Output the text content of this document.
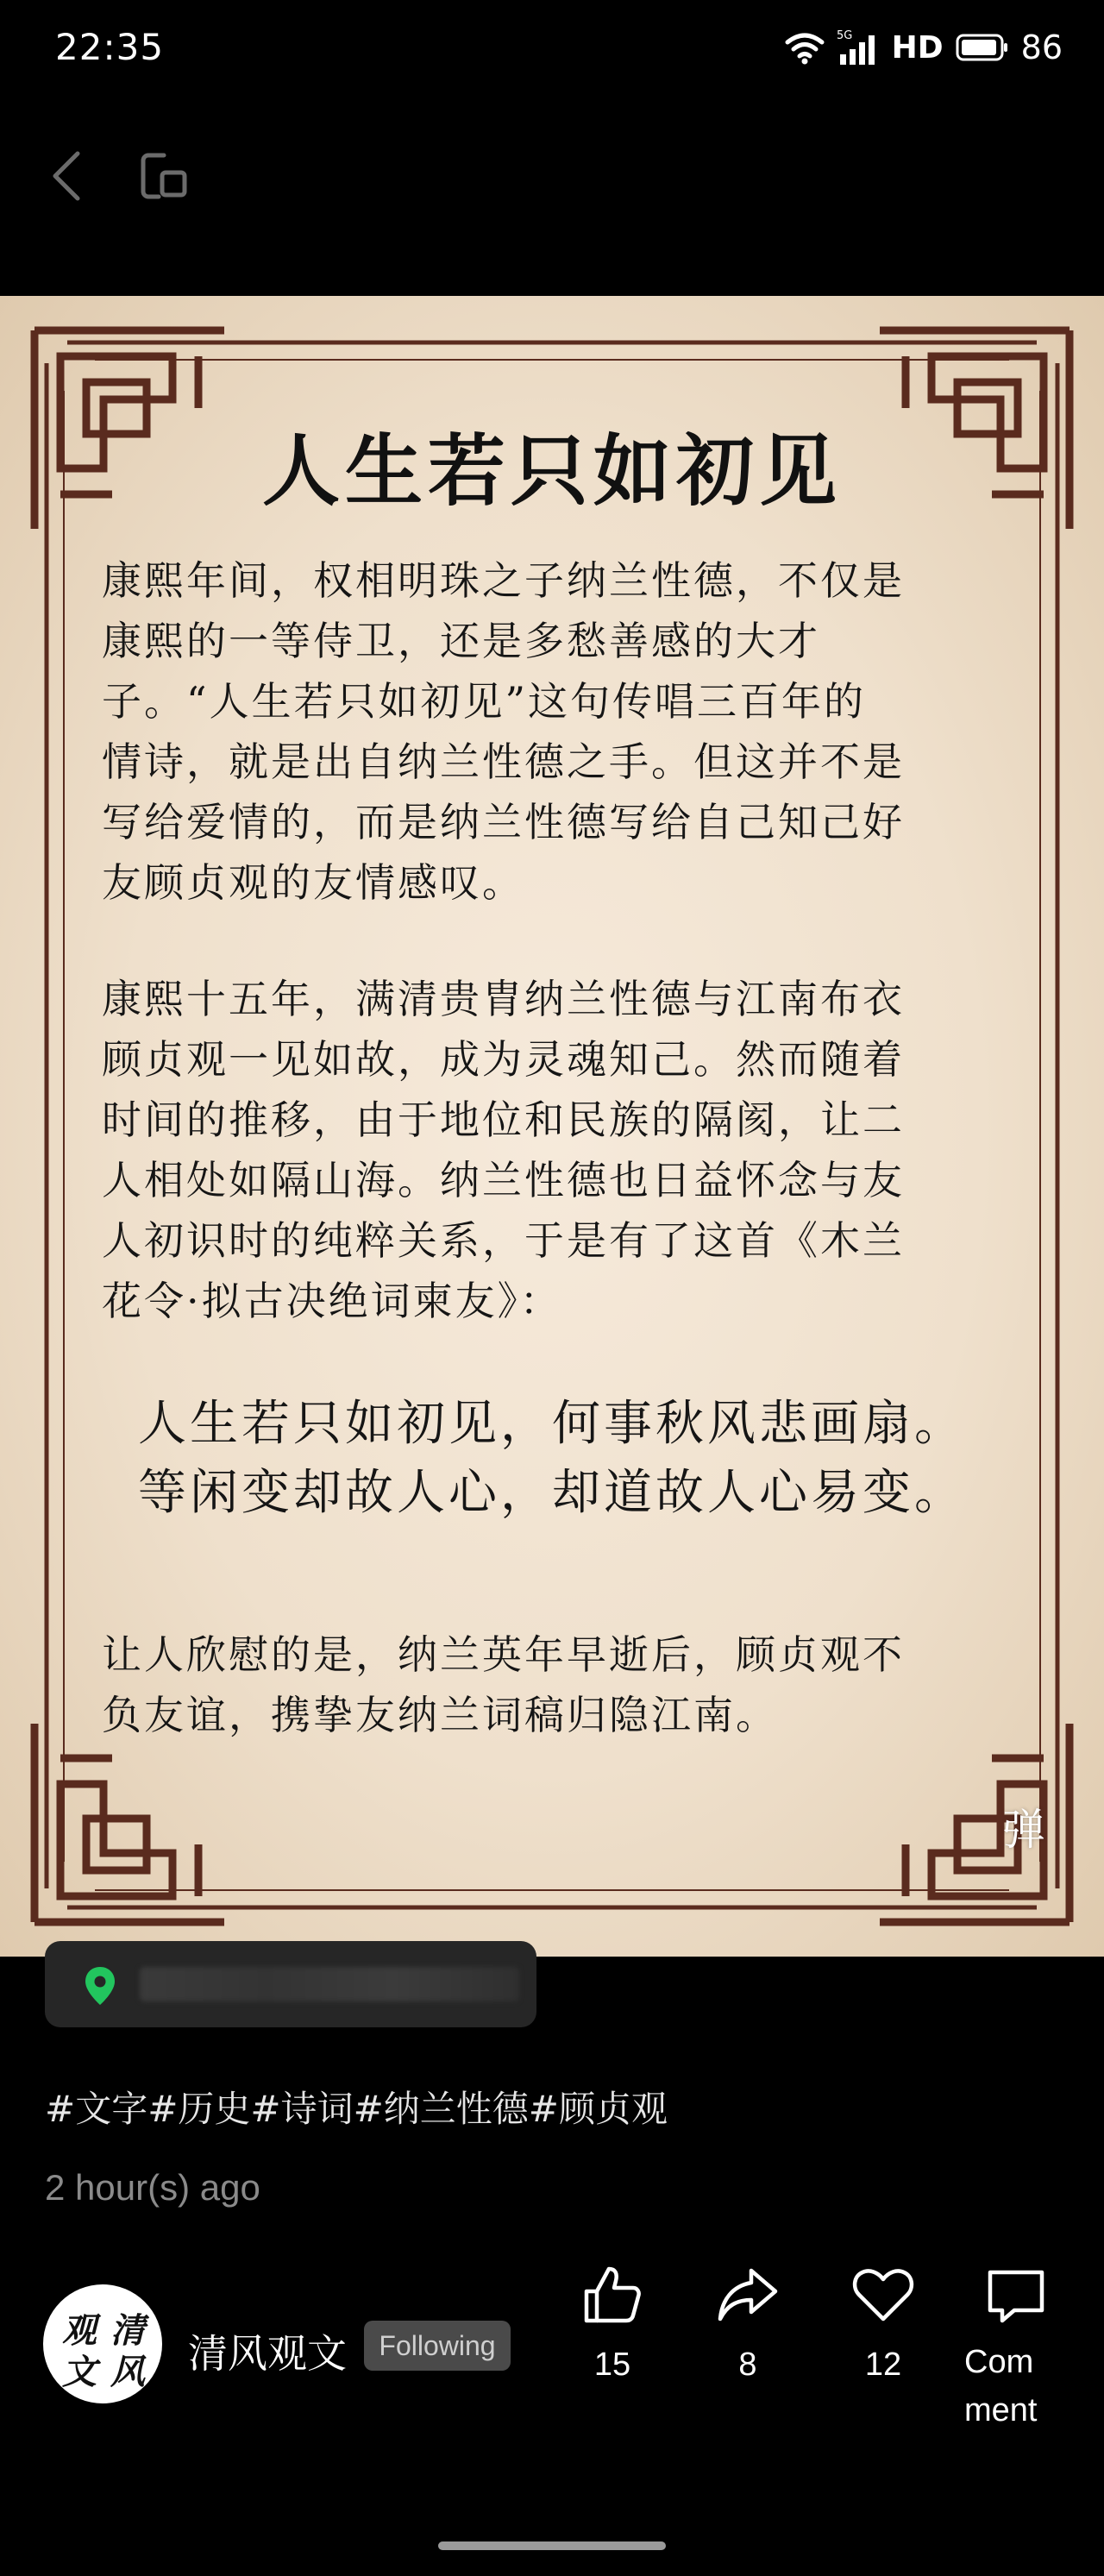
22:35	5G HD 86
人生若只如初见

康熙年间，权相明珠之子纳兰性德，不仅是
康熙的一等侍卫，还是多愁善感的大才
子。“人生若只如初见”这句传唱三百年的
情诗，就是出自纳兰性德之手。但这并不是
写给爱情的，而是纳兰性德写给自己知己好
友顾贞观的友情感叹。

康熙十五年，满清贵胄纳兰性德与江南布衣
顾贞观一见如故，成为灵魂知己。然而随着
时间的推移，由于地位和民族的隔阂，让二
人相处如隔山海。纳兰性德也日益怀念与友
人初识时的纯粹关系，于是有了这首《木兰
花令·拟古决绝词柬友》：

人生若只如初见，何事秋风悲画扇。
等闲变却故人心，却道故人心易变。

让人欣慰的是，纳兰英年早逝后，顾贞观不
负友谊，携挚友纳兰词稿归隐江南。

弹
#文字#历史#诗词#纳兰性德#顾贞观
2 hour(s) ago
清
风
观
文 清风观文	Following
15	8	12	Comment
